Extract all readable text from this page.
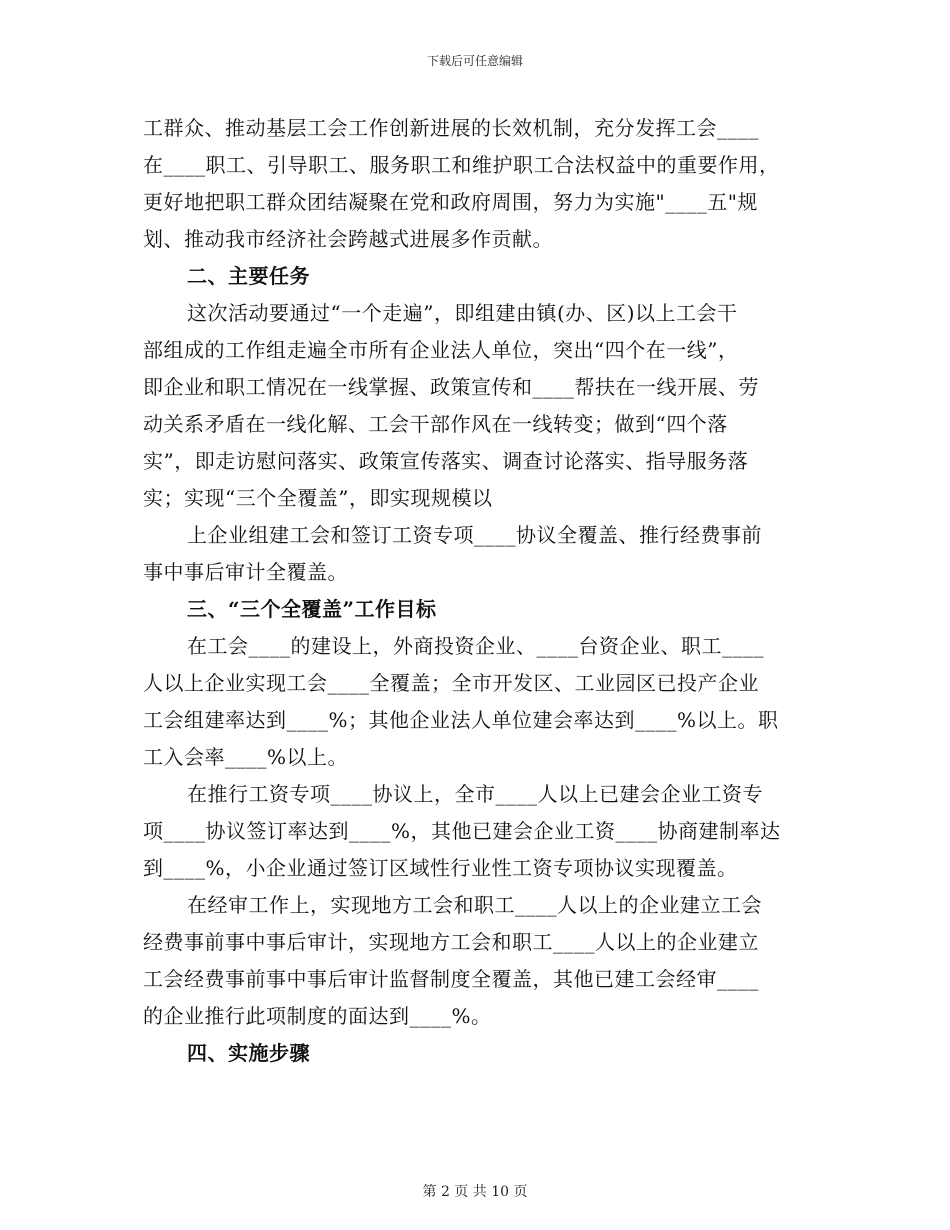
下载后可任意编辑
工群众、推动基层工会工作创新进展的长效机制，充分发挥工会____
在____职工、引导职工、服务职工和维护职工合法权益中的重要作用，
更好地把职工群众团结凝聚在党和政府周围，努力为实施"____五"规
划、推动我市经济社会跨越式进展多作贡献。
二、主要任务
这次活动要通过“一个走遍”，即组建由镇(办、区)以上工会干
部组成的工作组走遍全市所有企业法人单位，突出“四个在一线”，
即企业和职工情况在一线掌握、政策宣传和____帮扶在一线开展、劳
动关系矛盾在一线化解、工会干部作风在一线转变；做到“四个落
实”，即走访慰问落实、政策宣传落实、调查讨论落实、指导服务落
实；实现“三个全覆盖”，即实现规模以
上企业组建工会和签订工资专项____协议全覆盖、推行经费事前
事中事后审计全覆盖。
三、“三个全覆盖”工作目标
在工会____的建设上，外商投资企业、____台资企业、职工____
人以上企业实现工会____全覆盖；全市开发区、工业园区已投产企业
工会组建率达到____%；其他企业法人单位建会率达到____%以上。职
工入会率____%以上。
在推行工资专项____协议上，全市____人以上已建会企业工资专
项____协议签订率达到____%，其他已建会企业工资____协商建制率达
到____%，小企业通过签订区域性行业性工资专项协议实现覆盖。
在经审工作上，实现地方工会和职工____人以上的企业建立工会
经费事前事中事后审计，实现地方工会和职工____人以上的企业建立
工会经费事前事中事后审计监督制度全覆盖，其他已建工会经审____
的企业推行此项制度的面达到____%。
四、实施步骤
第 2 页 共 10 页
